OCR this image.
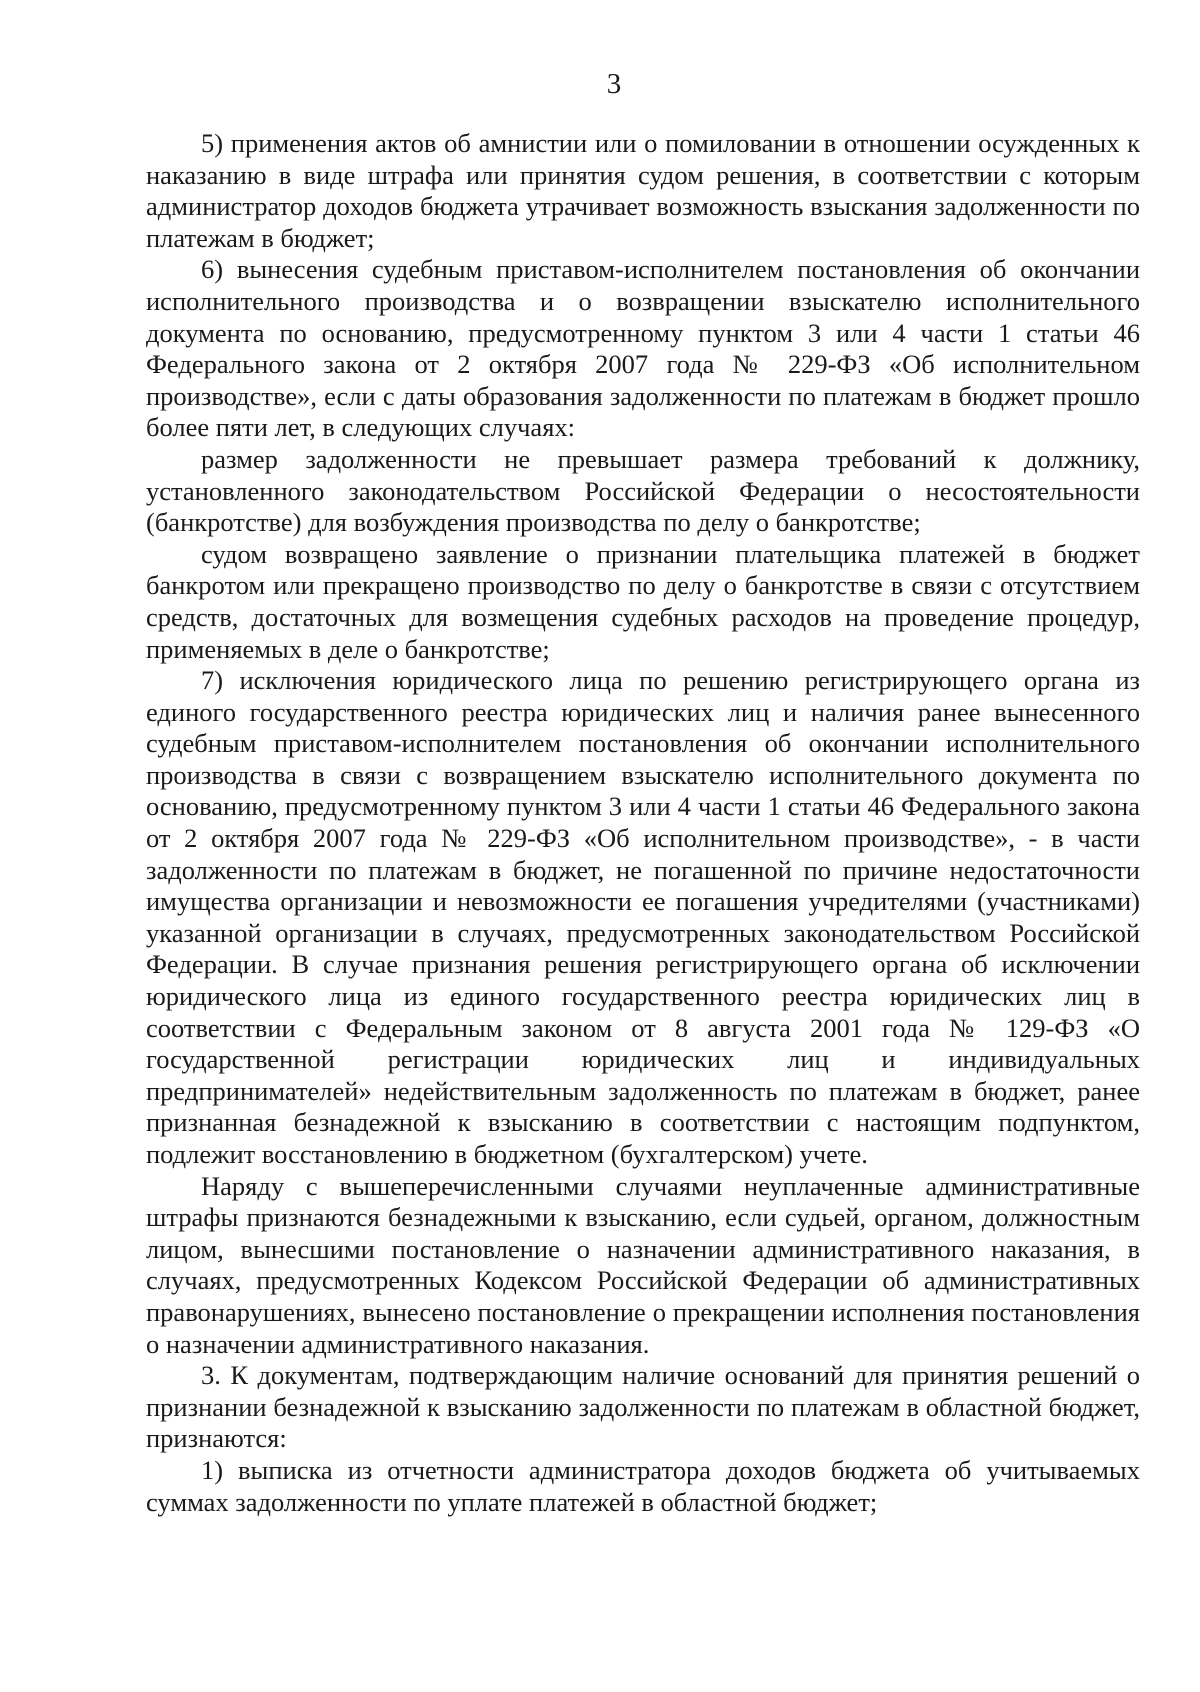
3

5) применения актов об амнистии или о помиловании в отношении осужденных к наказанию в виде штрафа или принятия судом решения, в соответствии с которым администратор доходов бюджета утрачивает возможность взыскания задолженности по платежам в бюджет;

6) вынесения судебным приставом-исполнителем постановления об окончании исполнительного производства и о возвращении взыскателю исполнительного документа по основанию, предусмотренному пунктом 3 или 4 части 1 статьи 46 Федерального закона от 2 октября 2007 года № 229-ФЗ «Об исполнительном производстве», если с даты образования задолженности по платежам в бюджет прошло более пяти лет, в следующих случаях:

размер задолженности не превышает размера требований к должнику, установленного законодательством Российской Федерации о несостоятельности (банкротстве) для возбуждения производства по делу о банкротстве;

судом возвращено заявление о признании плательщика платежей в бюджет банкротом или прекращено производство по делу о банкротстве в связи с отсутствием средств, достаточных для возмещения судебных расходов на проведение процедур, применяемых в деле о банкротстве;

7) исключения юридического лица по решению регистрирующего органа из единого государственного реестра юридических лиц и наличия ранее вынесенного судебным приставом-исполнителем постановления об окончании исполнительного производства в связи с возвращением взыскателю исполнительного документа по основанию, предусмотренному пунктом 3 или 4 части 1 статьи 46 Федерального закона от 2 октября 2007 года № 229-ФЗ «Об исполнительном производстве», - в части задолженности по платежам в бюджет, не погашенной по причине недостаточности имущества организации и невозможности ее погашения учредителями (участниками) указанной организации в случаях, предусмотренных законодательством Российской Федерации. В случае признания решения регистрирующего органа об исключении юридического лица из единого государственного реестра юридических лиц в соответствии с Федеральным законом от 8 августа 2001 года № 129-ФЗ «О государственной регистрации юридических лиц и индивидуальных предпринимателей» недействительным задолженность по платежам в бюджет, ранее признанная безнадежной к взысканию в соответствии с настоящим подпунктом, подлежит восстановлению в бюджетном (бухгалтерском) учете.

Наряду с вышеперечисленными случаями неуплаченные административные штрафы признаются безнадежными к взысканию, если судьей, органом, должностным лицом, вынесшими постановление о назначении административного наказания, в случаях, предусмотренных Кодексом Российской Федерации об административных правонарушениях, вынесено постановление о прекращении исполнения постановления о назначении административного наказания.

3. К документам, подтверждающим наличие оснований для принятия решений о признании безнадежной к взысканию задолженности по платежам в областной бюджет, признаются:

1) выписка из отчетности администратора доходов бюджета об учитываемых суммах задолженности по уплате платежей в областной бюджет;
